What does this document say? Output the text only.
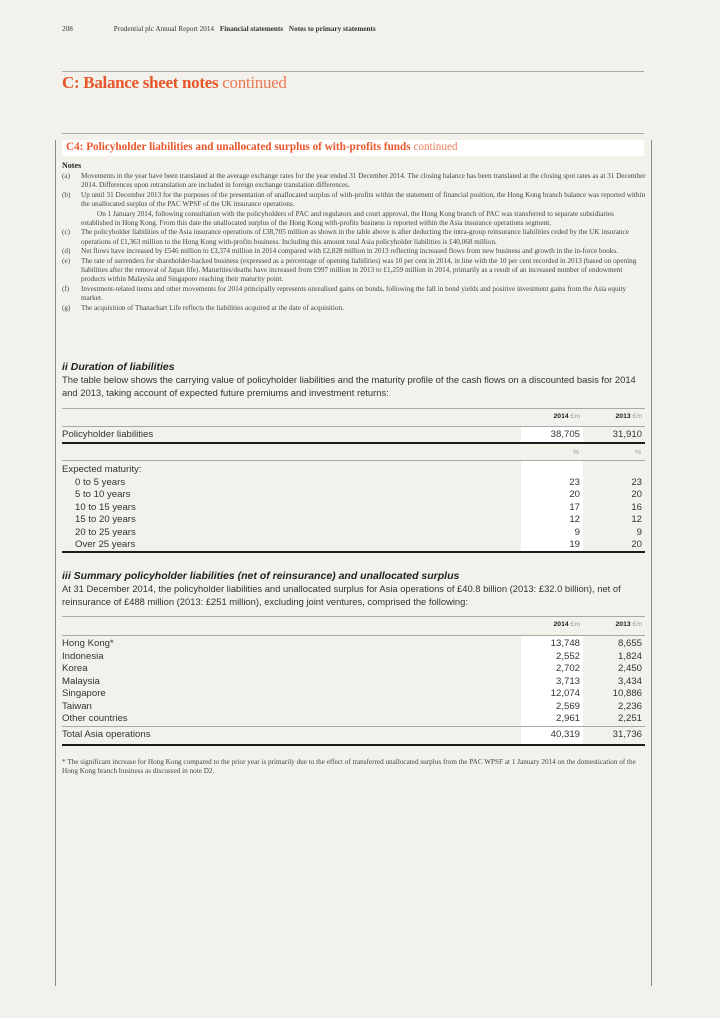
208	Prudential plc Annual Report 2014 Financial statements Notes to primary statements
C: Balance sheet notes continued
C4: Policyholder liabilities and unallocated surplus of with-profits funds continued
Notes
(a)	Movements in the year have been translated at the average exchange rates for the year ended 31 December 2014. The closing balance has been translated at the closing spot rates as at 31 December 2014. Differences upon retranslation are included in foreign exchange translation differences.
(b)	Up until 31 December 2013 for the purposes of the presentation of unallocated surplus of with-profits within the statement of financial position, the Hong Kong branch balance was reported within the unallocated surplus of the PAC WPSF of the UK insurance operations.
On 1 January 2014, following consultation with the policyholders of PAC and regulators and court approval, the Hong Kong branch of PAC was transferred to separate subsidiaries established in Hong Kong. From this date the unallocated surplus of the Hong Kong with-profits business is reported within the Asia insurance operations segment.
(c)	The policyholder liabilities of the Asia insurance operations of £38,705 million as shown in the table above is after deducting the intra-group reinsurance liabilities ceded by the UK insurance operations of £1,363 million to the Hong Kong with-profits business. Including this amount total Asia policyholder liabilities is £40,068 million.
(d)	Net flows have increased by £546 million to £3,374 million in 2014 compared with £2,828 million in 2013 reflecting increased flows from new business and growth in the in-force books.
(e)	The rate of surrenders for shareholder-backed business (expressed as a percentage of opening liabilities) was 10 per cent in 2014, in line with the 10 per cent recorded in 2013 (based on opening liabilities after the removal of Japan life). Maturities/deaths have increased from £997 million in 2013 to £1,259 million in 2014, primarily as a result of an increased number of endowment products within Malaysia and Singapore reaching their maturity point.
(f)	Investment-related items and other movements for 2014 principally represents unrealised gains on bonds, following the fall in bond yields and positive investment gains from the Asia equity market.
(g)	The acquisition of Thanachart Life reflects the liabilities acquired at the date of acquisition.
ii Duration of liabilities
The table below shows the carrying value of policyholder liabilities and the maturity profile of the cash flows on a discounted basis for 2014 and 2013, taking account of expected future premiums and investment returns:
2014 £m	2013 £m
Policyholder liabilities	38,705	31,910
%	%
Expected maturity:
0 to 5 years	23	23
5 to 10 years	20	20
10 to 15 years	17	16
15 to 20 years	12	12
20 to 25 years	9	9
Over 25 years	19	20
iii Summary policyholder liabilities (net of reinsurance) and unallocated surplus
At 31 December 2014, the policyholder liabilities and unallocated surplus for Asia operations of £40.8 billion (2013: £32.0 billion), net of reinsurance of £488 million (2013: £251 million), excluding joint ventures, comprised the following:
2014 £m	2013 £m
Hong Kong*	13,748	8,655
Indonesia	2,552	1,824
Korea	2,702	2,450
Malaysia	3,713	3,434
Singapore	12,074	10,886
Taiwan	2,569	2,236
Other countries	2,961	2,251
Total Asia operations	40,319	31,736
* The significant increase for Hong Kong compared to the prior year is primarily due to the effect of transferred unallocated surplus from the PAC WPSF at 1 January 2014 on the domestication of the Hong Kong branch business as discussed in note D2.
